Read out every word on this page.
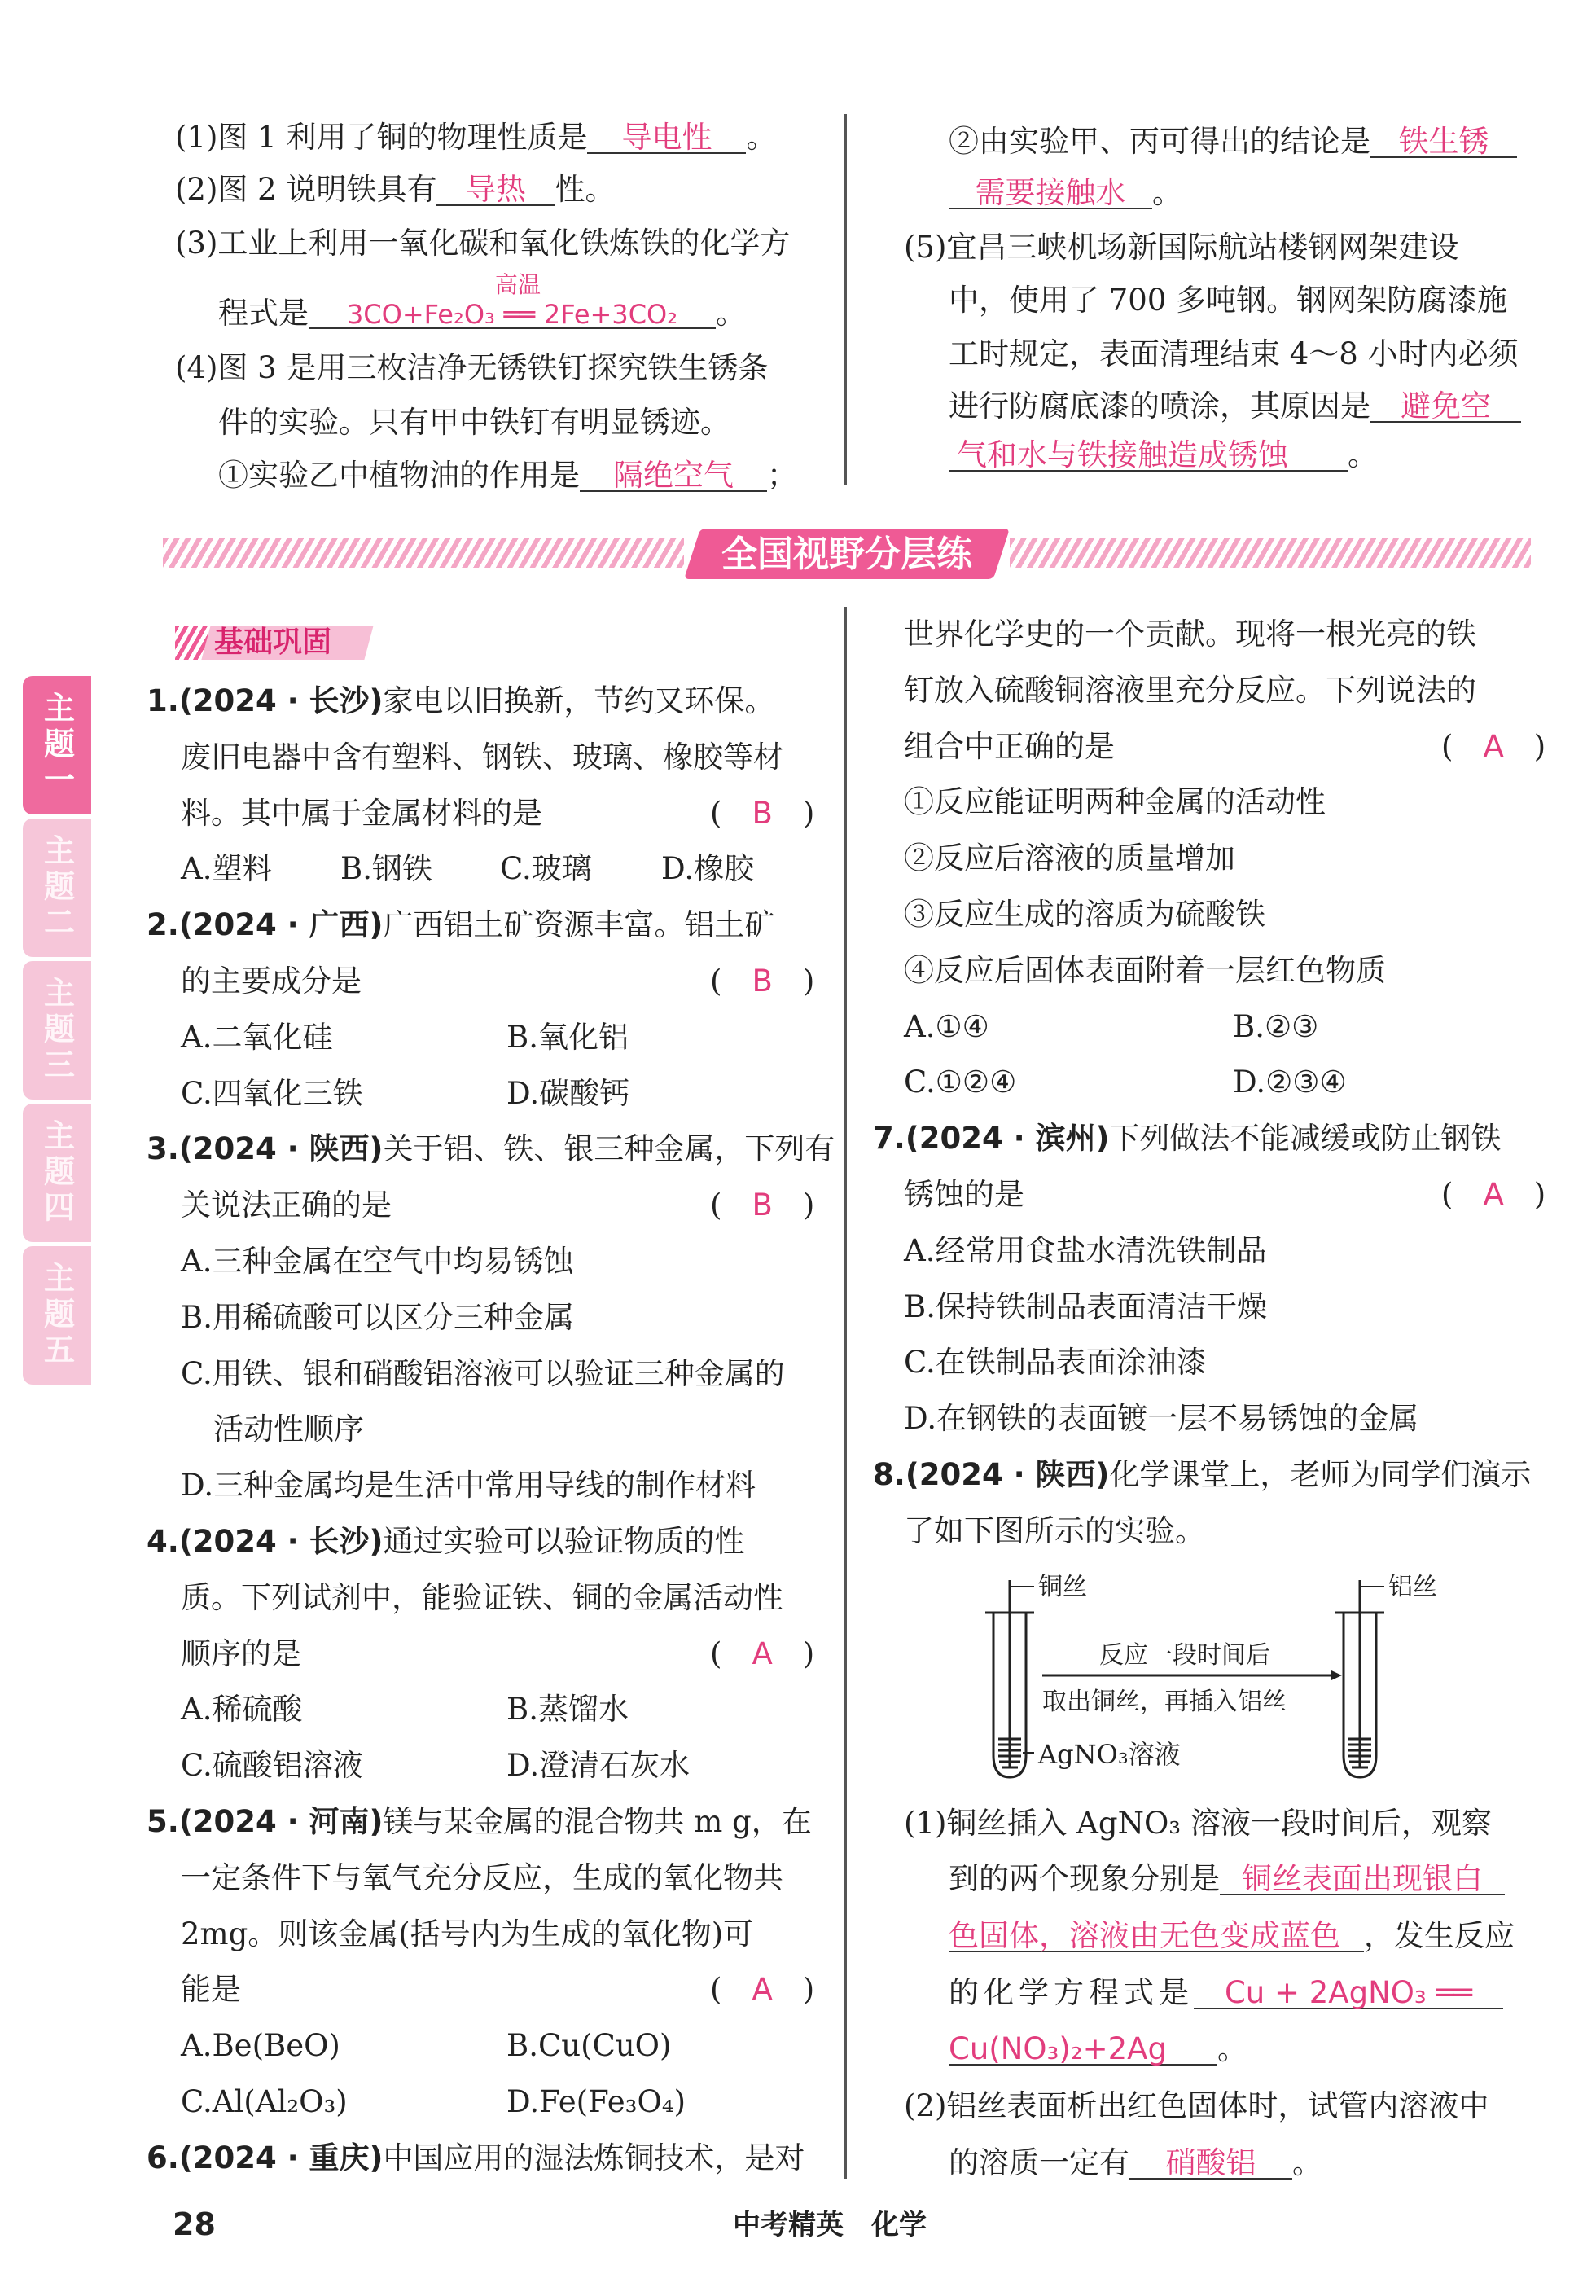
(1)图 1 利用了铜的物理性质是 导电性 。
(2)图 2 说明铁具有 导热 性。
(3)工业上利用一氧化碳和氧化铁炼铁的化学方
程式是 3CO+Fe₂O₃
高温
══ 2Fe+3CO₂ 。
(4)图 3 是用三枚洁净无锈铁钉探究铁生锈条
件的实验。只有甲中铁钉有明显锈迹。
①实验乙中植物油的作用是 隔绝空气 ；
②由实验甲、丙可得出的结论是 铁生锈
需要接触水 。
(5)宜昌三峡机场新国际航站楼钢网架建设
中，使用了 700 多吨钢。钢网架防腐漆施
工时规定，表面清理结束 4～8 小时内必须
进行防腐底漆的喷涂，其原因是 避免空
气和水与铁接触造成锈蚀 。
全国视野分层练
基础巩固
主题一
主题二
主题三
主题四
主题五
1.(2024 · 长沙)家电以旧换新，节约又环保。
废旧电器中含有塑料、钢铁、玻璃、橡胶等材
料。其中属于金属材料的是	(　B　)
A.塑料 B.钢铁 C.玻璃 D.橡胶
2.(2024 · 广西)广西铝土矿资源丰富。铝土矿
的主要成分是	(　B　)
A.二氧化硅	B.氧化铝
C.四氧化三铁	D.碳酸钙
3.(2024 · 陕西)关于铝、铁、银三种金属，下列有
关说法正确的是	(　B　)
A.三种金属在空气中均易锈蚀
B.用稀硫酸可以区分三种金属
C.用铁、银和硝酸铝溶液可以验证三种金属的
活动性顺序
D.三种金属均是生活中常用导线的制作材料
4.(2024 · 长沙)通过实验可以验证物质的性
质。下列试剂中，能验证铁、铜的金属活动性
顺序的是	(　A　)
A.稀硫酸	B.蒸馏水
C.硫酸铝溶液	D.澄清石灰水
5.(2024 · 河南)镁与某金属的混合物共 m g，在
一定条件下与氧气充分反应，生成的氧化物共
2mg。则该金属(括号内为生成的氧化物)可
能是	(　A　)
A.Be(BeO)	B.Cu(CuO)
C.Al(Al₂O₃)	D.Fe(Fe₃O₄)
6.(2024 · 重庆)中国应用的湿法炼铜技术，是对
世界化学史的一个贡献。现将一根光亮的铁
钉放入硫酸铜溶液里充分反应。下列说法的
组合中正确的是	(　A　)
①反应能证明两种金属的活动性
②反应后溶液的质量增加
③反应生成的溶质为硫酸铁
④反应后固体表面附着一层红色物质
A.①④	B.②③
C.①②④	D.②③④
7.(2024 · 滨州)下列做法不能减缓或防止钢铁
锈蚀的是	(　A　)
A.经常用食盐水清洗铁制品
B.保持铁制品表面清洁干燥
C.在铁制品表面涂油漆
D.在钢铁的表面镀一层不易锈蚀的金属
8.(2024 · 陕西)化学课堂上，老师为同学们演示
了如下图所示的实验。
铜丝	铝丝
反应一段时间后
取出铜丝，再插入铝丝
AgNO₃溶液
(1)铜丝插入 AgNO₃ 溶液一段时间后，观察
到的两个现象分别是 铜丝表面出现银白
色固体，溶液由无色变成蓝色 ，发生反应
的化学方程式是 Cu + 2AgNO₃ ══
Cu(NO₃)₂+2Ag 。
(2)铝丝表面析出红色固体时，试管内溶液中
的溶质一定有 硝酸铝 。
28	中考精英　化学
